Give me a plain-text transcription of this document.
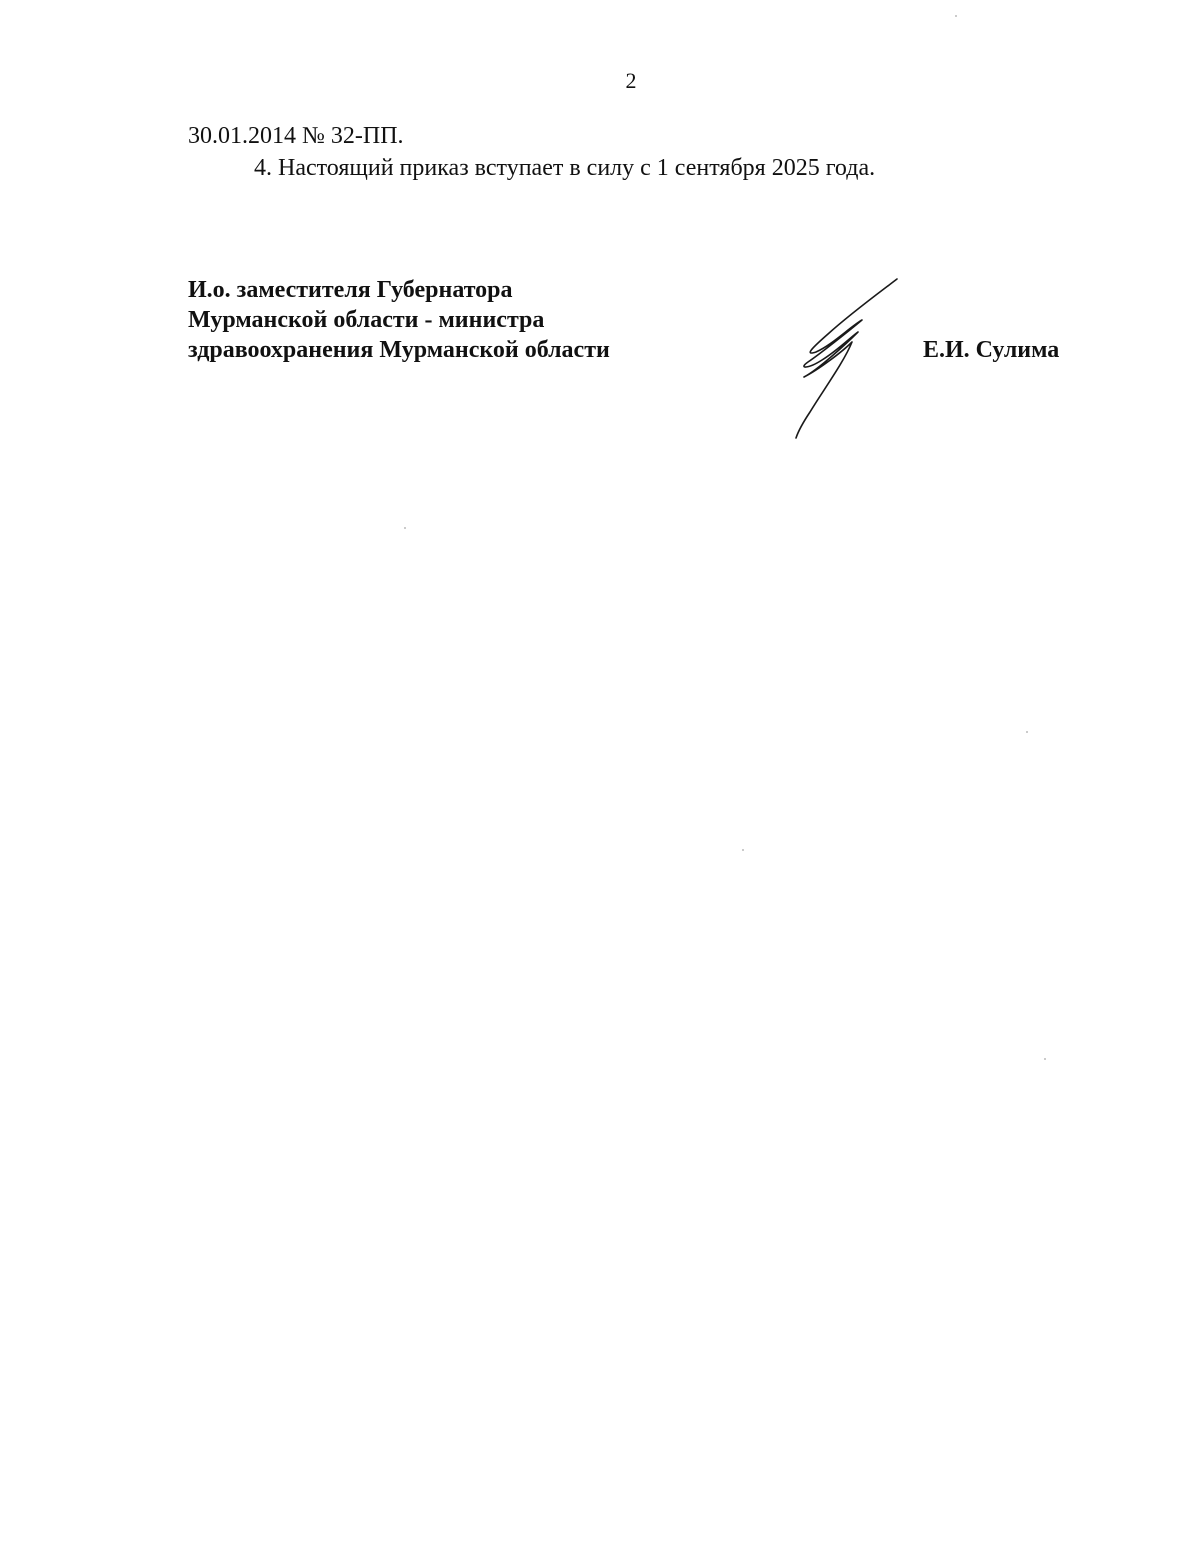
2
30.01.2014 № 32-ПП.
4. Настоящий приказ вступает в силу с 1 сентября 2025 года.
И.о. заместителя Губернатора
Мурманской области - министра
здравоохранения Мурманской области	Е.И. Сулима
